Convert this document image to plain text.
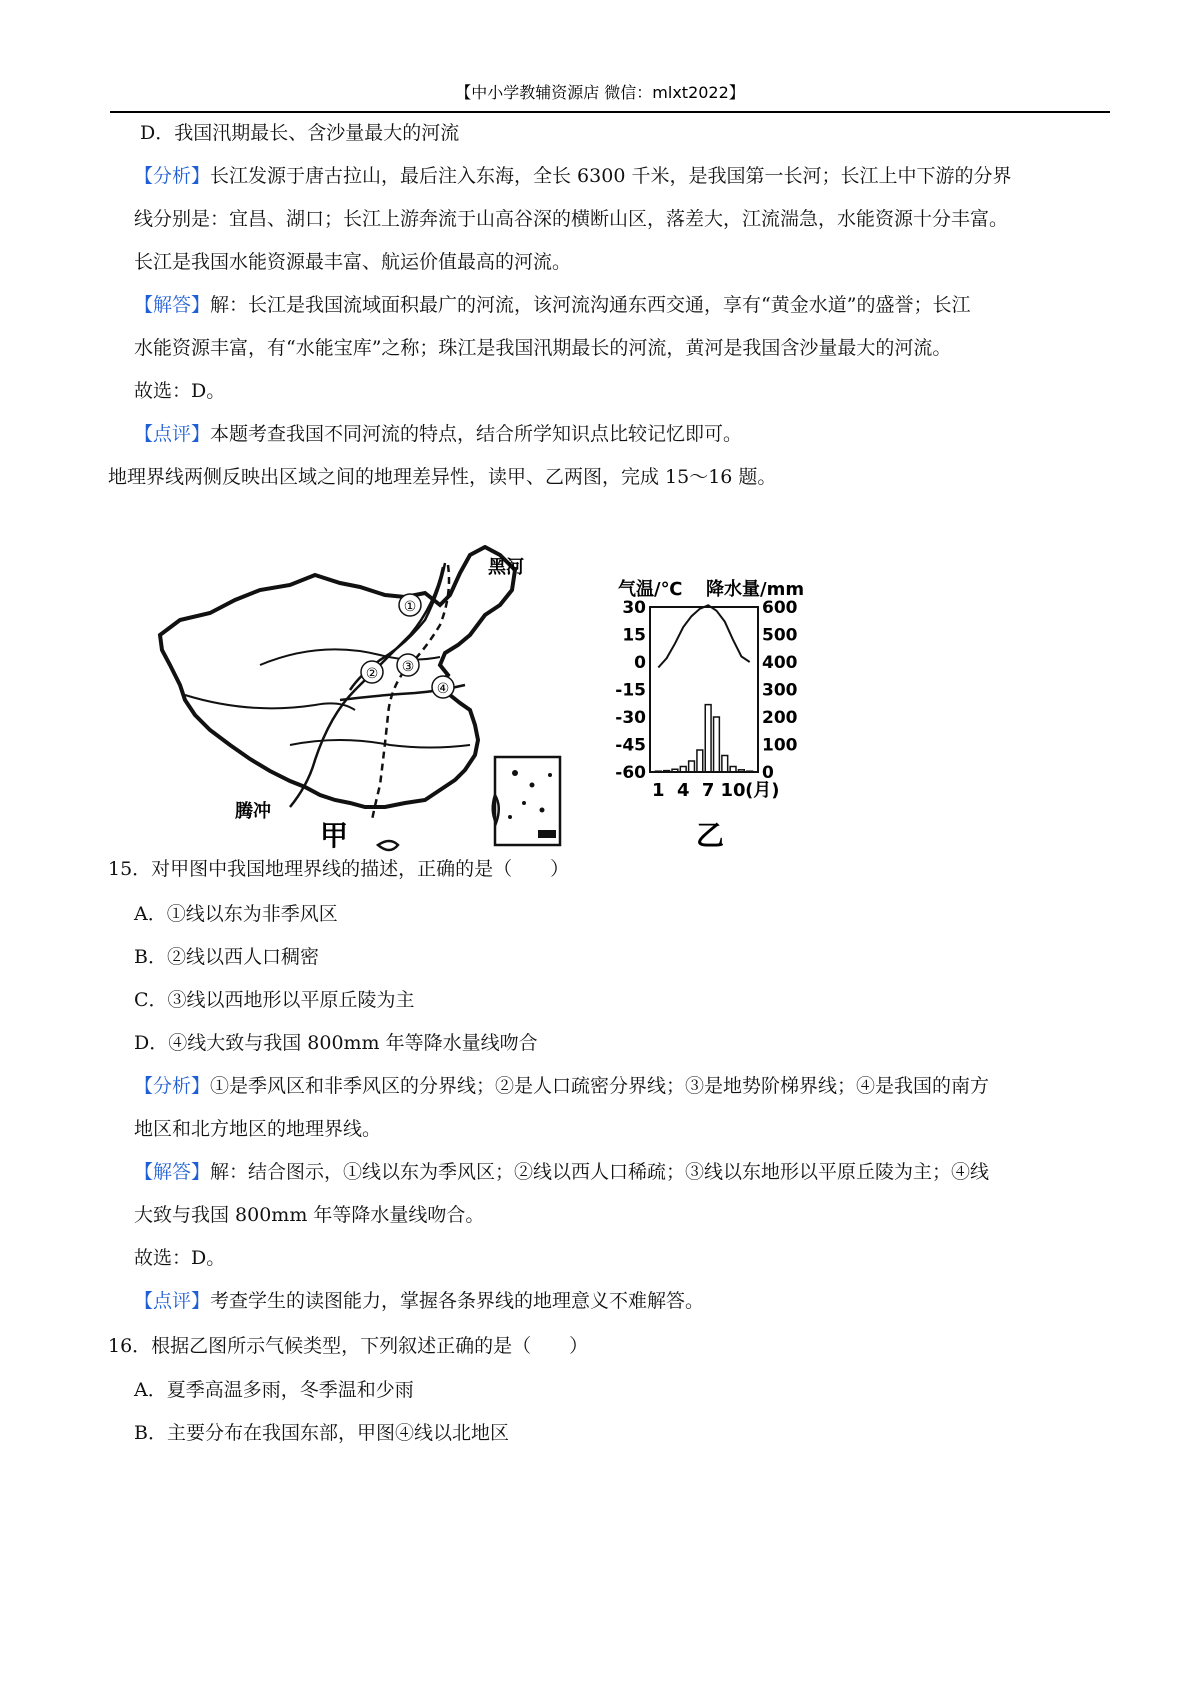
【中小学教辅资源店 微信：mlxt2022】
D．我国汛期最长、含沙量最大的河流
【分析】长江发源于唐古拉山，最后注入东海，全长 6300 千米，是我国第一长河；长江上中下游的分界
线分别是：宜昌、湖口；长江上游奔流于山高谷深的横断山区，落差大，江流湍急，水能资源十分丰富。
长江是我国水能资源最丰富、航运价值最高的河流。
【解答】解：长江是我国流域面积最广的河流，该河流沟通东西交通，享有“黄金水道”的盛誉；长江
水能资源丰富，有“水能宝库”之称；珠江是我国汛期最长的河流，黄河是我国含沙量最大的河流。
故选：D。
【点评】本题考查我国不同河流的特点，结合所学知识点比较记忆即可。
地理界线两侧反映出区域之间的地理差异性，读甲、乙两图，完成 15～16 题。
①
② ③
④
黑河
腾冲
甲
气温/℃ 降水量/mm
30
15
0
-15
-30
-45
-60
600
500
400
300
200
100
0
1 4 7 10 (月)
乙
15．对甲图中我国地理界线的描述，正确的是（　　）
A．①线以东为非季风区
B．②线以西人口稠密
C．③线以西地形以平原丘陵为主
D．④线大致与我国 800mm 年等降水量线吻合
【分析】①是季风区和非季风区的分界线；②是人口疏密分界线；③是地势阶梯界线；④是我国的南方
地区和北方地区的地理界线。
【解答】解：结合图示，①线以东为季风区；②线以西人口稀疏；③线以东地形以平原丘陵为主；④线
大致与我国 800mm 年等降水量线吻合。
故选：D。
【点评】考查学生的读图能力，掌握各条界线的地理意义不难解答。
16．根据乙图所示气候类型，下列叙述正确的是（　　）
A．夏季高温多雨，冬季温和少雨
B．主要分布在我国东部，甲图④线以北地区
